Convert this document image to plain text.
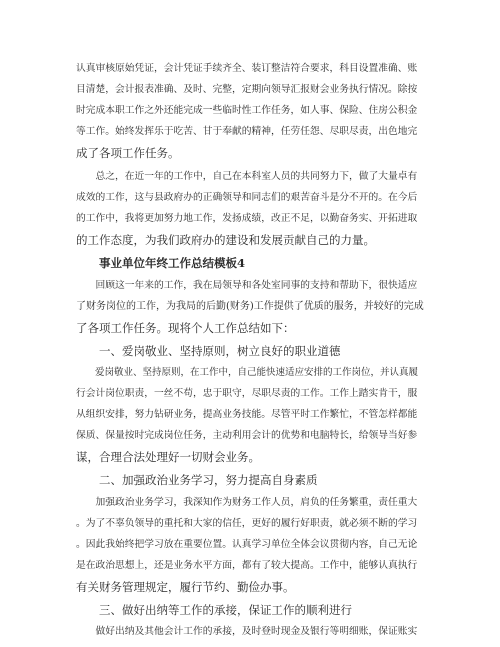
认真审核原始凭证，会计凭证手续齐全、装订整洁符合要求，科目设置准确、账
目清楚，会计报表准确、及时、完整，定期向领导汇报财会业务执行情况。除按
时完成本职工作之外还能完成一些临时性工作任务，如人事、保险、住房公积金
等工作。始终发挥乐于吃苦、甘于奉献的精神，任劳任怨、尽职尽责，出色地完
成了各项工作任务。
　　总之，在近一年的工作中，自己在本科室人员的共同努力下，做了大量卓有
成效的工作，这与县政府办的正确领导和同志们的艰苦奋斗是分不开的。在今后
的工作中，我将更加努力地工作，发扬成绩，改正不足，以勤奋务实、开拓进取
的工作态度，为我们政府办的建设和发展贡献自己的力量。
　　事业单位年终工作总结模板4
　　回顾这一年来的工作，我在局领导和各处室同事的支持和帮助下，很快适应
了财务岗位的工作，为我局的后勤(财务)工作提供了优质的服务，并较好的完成
了各项工作任务。现将个人工作总结如下：
　　一、爱岗敬业、坚持原则，树立良好的职业道德
　　爱岗敬业、坚持原则，在工作中，自己能快速适应安排的工作岗位，并认真履
行会计岗位职责，一丝不苟，忠于职守，尽职尽责的工作。工作上踏实肯干，服
从组织安排，努力钻研业务，提高业务技能。尽管平时工作繁忙，不管怎样都能
保质、保量按时完成岗位任务，主动利用会计的优势和电脑特长，给领导当好参
谋，合理合法处理好一切财会业务。
　　二、加强政治业务学习，努力提高自身素质
　　加强政治业务学习，我深知作为财务工作人员，肩负的任务繁重，责任重大
。为了不辜负领导的重托和大家的信任，更好的履行好职责，就必须不断的学习
。因此我始终把学习放在重要位置。认真学习单位全体会议贯彻内容，自己无论
是在政治思想上，还是业务水平方面，都有了较大提高。工作中，能够认真执行
有关财务管理规定，履行节约、勤俭办事。
　　三、做好出纳等工作的承接，保证工作的顺利进行
　　做好出纳及其他会计工作的承接，及时登时现金及银行等明细账，保证账实
